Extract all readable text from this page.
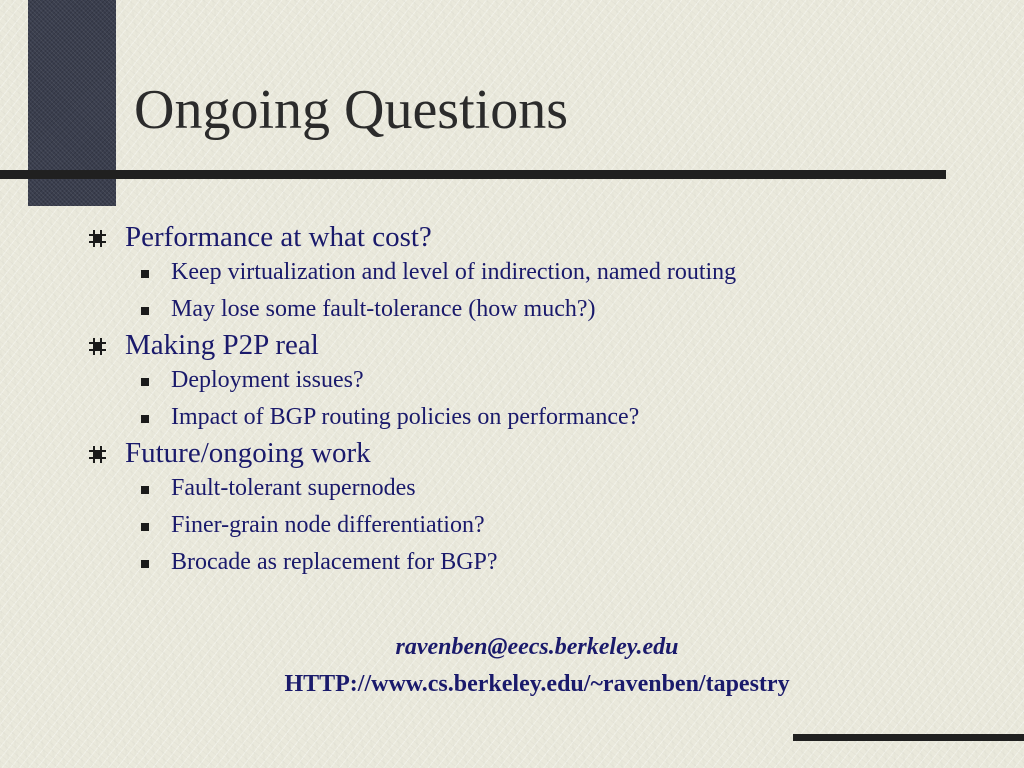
Ongoing Questions
Performance at what cost?
Keep virtualization and level of indirection, named routing
May lose some fault-tolerance (how much?)
Making P2P real
Deployment issues?
Impact of BGP routing policies on performance?
Future/ongoing work
Fault-tolerant supernodes
Finer-grain node differentiation?
Brocade as replacement for BGP?
ravenben@eecs.berkeley.edu
HTTP://www.cs.berkeley.edu/~ravenben/tapestry
